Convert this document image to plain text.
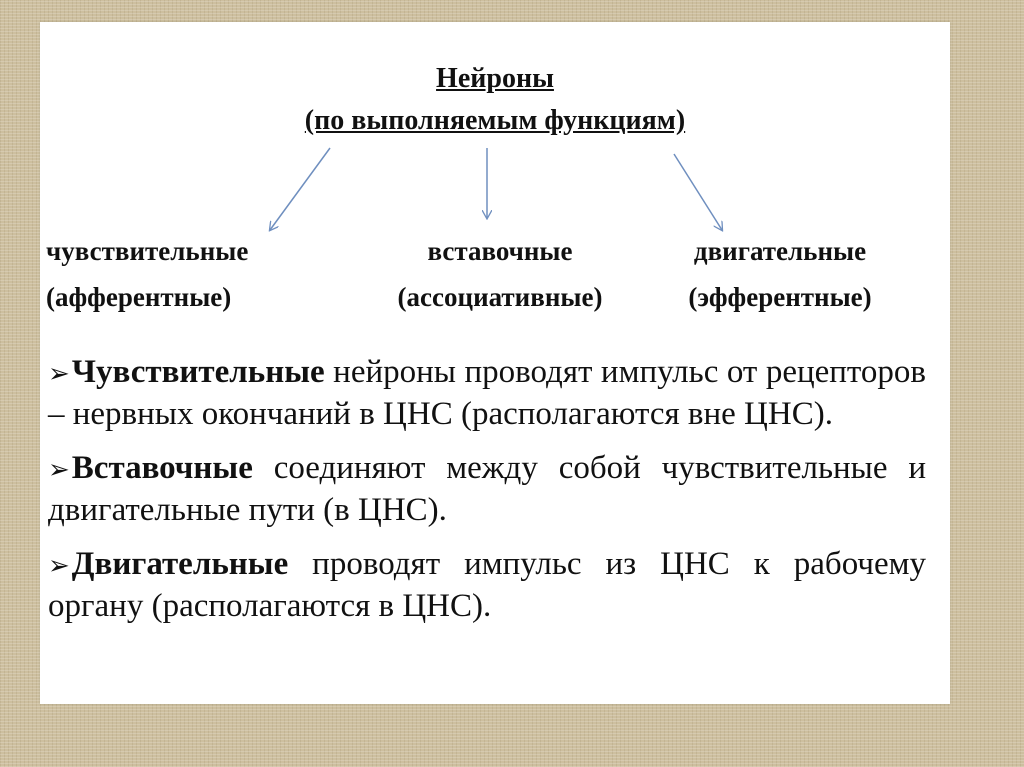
Нейроны
(по выполняемым функциям)
чувствительные
(афферентные)
вставочные
(ассоциативные)
двигательные
(эфферентные)
➢Чувствительные нейроны проводят импульс от рецепторов – нервных окончаний в ЦНС (располагаются вне ЦНС).
➢Вставочные соединяют между собой чувствительные и двигательные пути (в ЦНС).
➢Двигательные проводят импульс из ЦНС к рабочему органу (располагаются в ЦНС).
